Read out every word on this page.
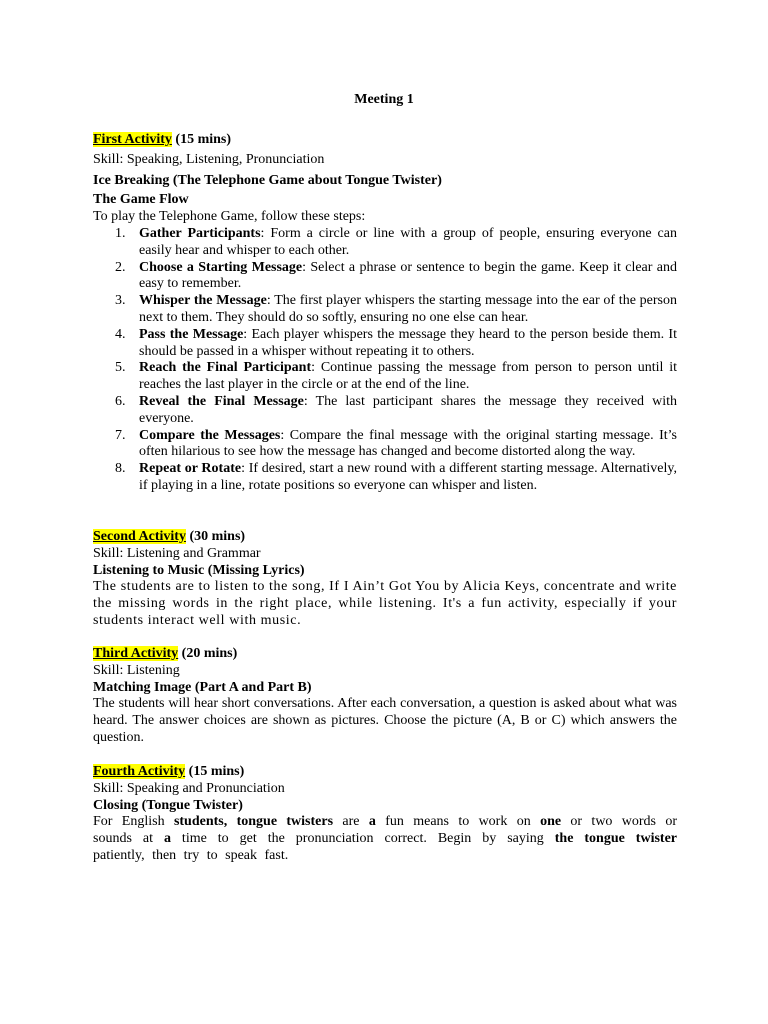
Meeting 1
First Activity (15 mins)
Skill: Speaking, Listening, Pronunciation
Ice Breaking (The Telephone Game about Tongue Twister)
The Game Flow
To play the Telephone Game, follow these steps:
1. Gather Participants: Form a circle or line with a group of people, ensuring everyone can easily hear and whisper to each other.
2. Choose a Starting Message: Select a phrase or sentence to begin the game. Keep it clear and easy to remember.
3. Whisper the Message: The first player whispers the starting message into the ear of the person next to them. They should do so softly, ensuring no one else can hear.
4. Pass the Message: Each player whispers the message they heard to the person beside them. It should be passed in a whisper without repeating it to others.
5. Reach the Final Participant: Continue passing the message from person to person until it reaches the last player in the circle or at the end of the line.
6. Reveal the Final Message: The last participant shares the message they received with everyone.
7. Compare the Messages: Compare the final message with the original starting message. It’s often hilarious to see how the message has changed and become distorted along the way.
8. Repeat or Rotate: If desired, start a new round with a different starting message. Alternatively, if playing in a line, rotate positions so everyone can whisper and listen.
Second Activity (30 mins)
Skill: Listening and Grammar
Listening to Music (Missing Lyrics)

The students are to listen to the song, If I Ain’t Got You by Alicia Keys, concentrate and write the missing words in the right place, while listening. It's a fun activity, especially if your students interact well with music.

Third Activity (20 mins)
Skill: Listening
Matching Image (Part A and Part B)

The students will hear short conversations. After each conversation, a question is asked about what was heard. The answer choices are shown as pictures. Choose the picture (A, B or C) which answers the question.

Fourth Activity (15 mins)
Skill: Speaking and Pronunciation
Closing (Tongue Twister)

For English students, tongue twisters are a fun means to work on one or two words or sounds at a time to get the pronunciation correct. Begin by saying the tongue twister patiently, then try to speak fast.
